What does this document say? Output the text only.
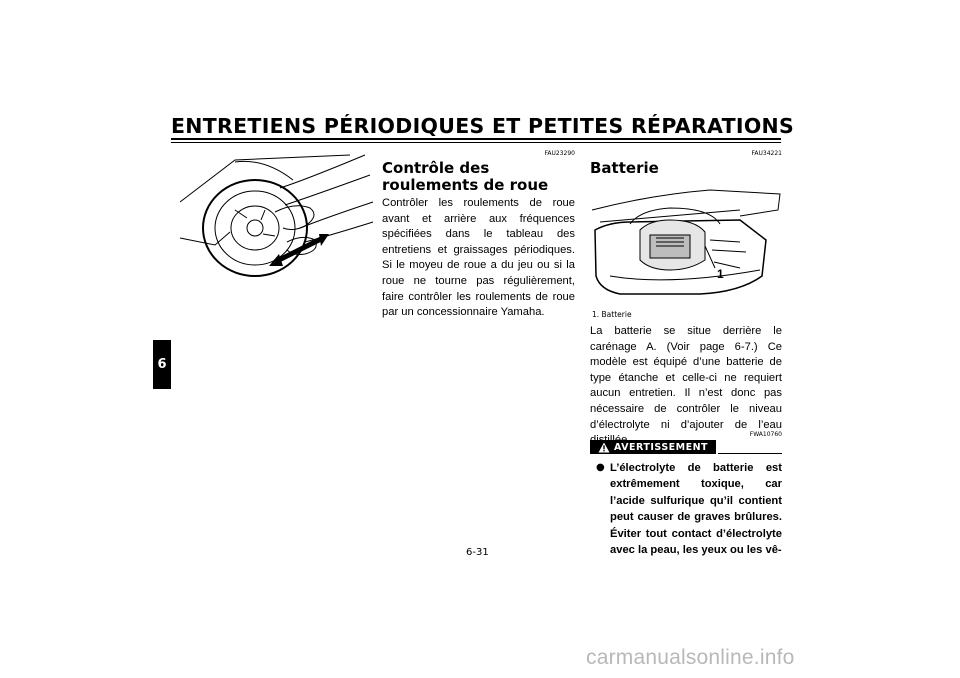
ENTRETIENS PÉRIODIQUES ET PETITES RÉPARATIONS
6
FAU23290
Contrôle des roulements de roue
Contrôler les roulements de roue avant et arrière aux fréquences spécifiées dans le tableau des entretiens et graissages périodiques. Si le moyeu de roue a du jeu ou si la roue ne tourne pas régulièrement, faire contrôler les roulements de roue par un concessionnaire Yamaha.
FAU34221
Batterie
1
1. Batterie
La batterie se situe derrière le carénage A. (Voir page 6-7.) Ce modèle est équipé d’une batterie de type étanche et celle-ci ne requiert aucun entretien. Il n’est donc pas nécessaire de contrôler le niveau d’électrolyte ni d’ajouter de l’eau
FWA10760
AVERTISSEMENT
● L’électrolyte de batterie est extrêmement toxique, car l’acide sulfurique qu’il contient peut causer de graves brûlures. Éviter tout contact d’électrolyte avec la peau, les yeux ou les vê-
6-31
carmanualsonline.info
